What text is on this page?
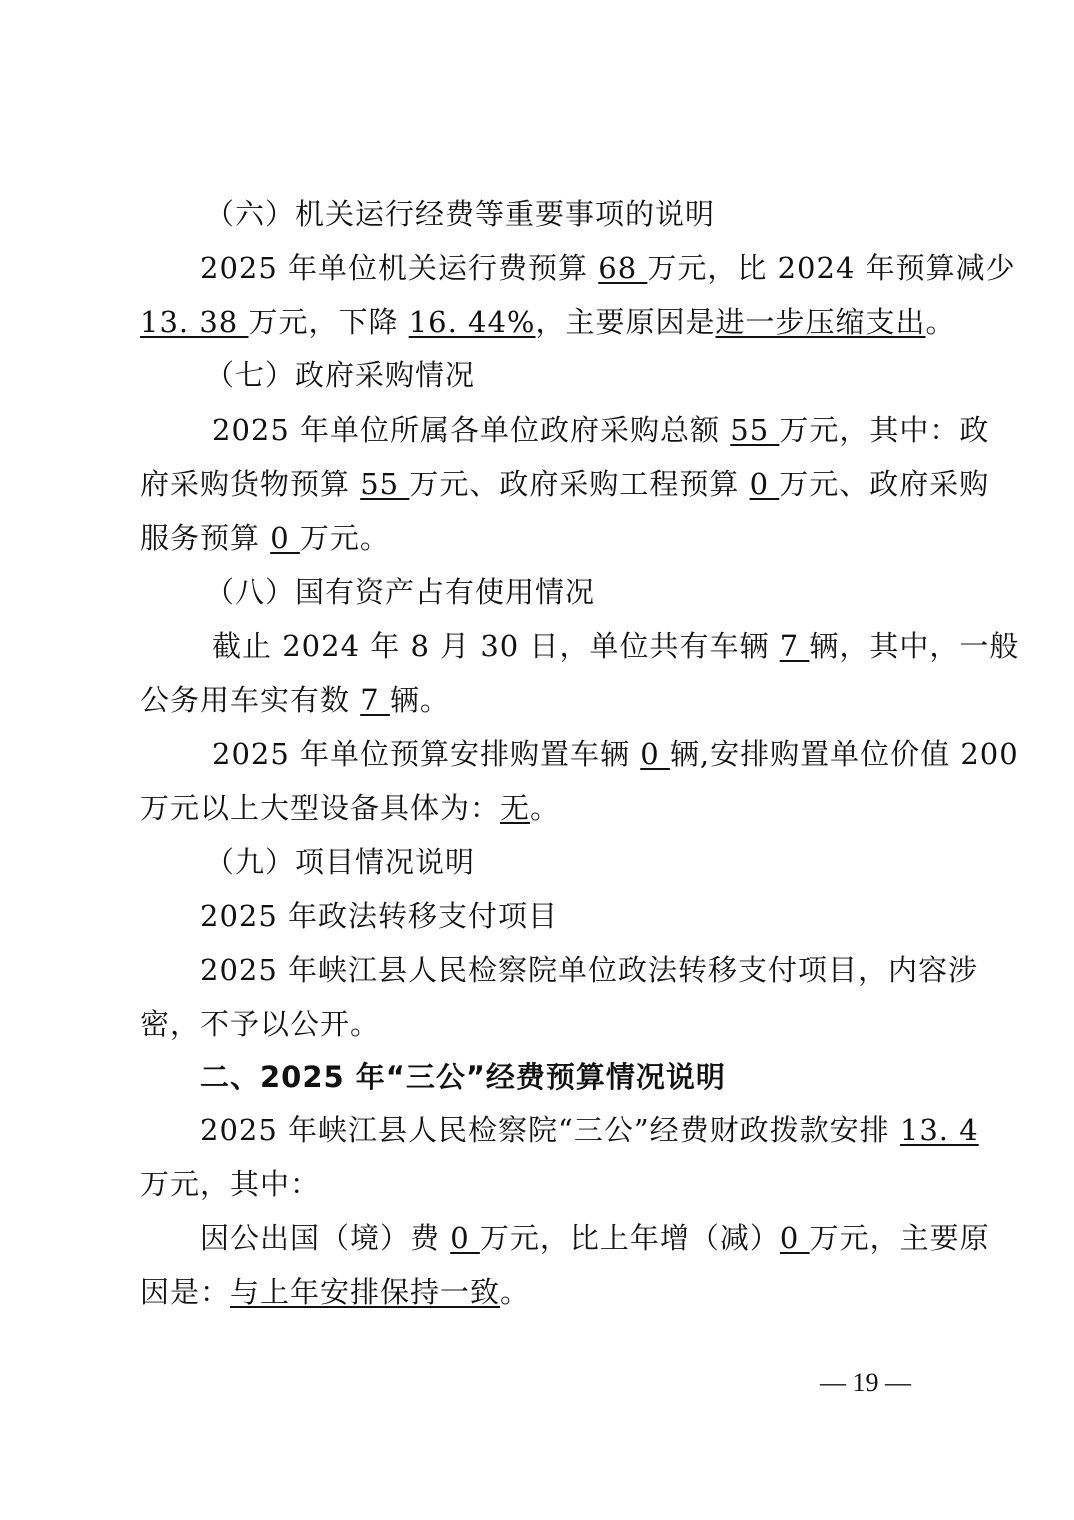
（六）机关运行经费等重要事项的说明
2025 年单位机关运行费预算 68 万元，比 2024 年预算减少
13. 38 万元，下降 16. 44%，主要原因是进一步压缩支出。
（七）政府采购情况
2025 年单位所属各单位政府采购总额 55 万元，其中：政
府采购货物预算 55 万元、政府采购工程预算 0 万元、政府采购
服务预算 0 万元。
（八）国有资产占有使用情况
截止 2024 年 8 月 30 日，单位共有车辆 7 辆，其中，一般
公务用车实有数 7 辆。
2025 年单位预算安排购置车辆 0 辆,安排购置单位价值 200
万元以上大型设备具体为：无。
（九）项目情况说明
2025 年政法转移支付项目
2025 年峡江县人民检察院单位政法转移支付项目，内容涉
密，不予以公开。
二、2025 年“三公”经费预算情况说明
2025 年峡江县人民检察院“三公”经费财政拨款安排 13. 4
万元，其中：
因公出国（境）费 0 万元，比上年增（减）0 万元，主要原
因是：与上年安排保持一致。
— 19 —
